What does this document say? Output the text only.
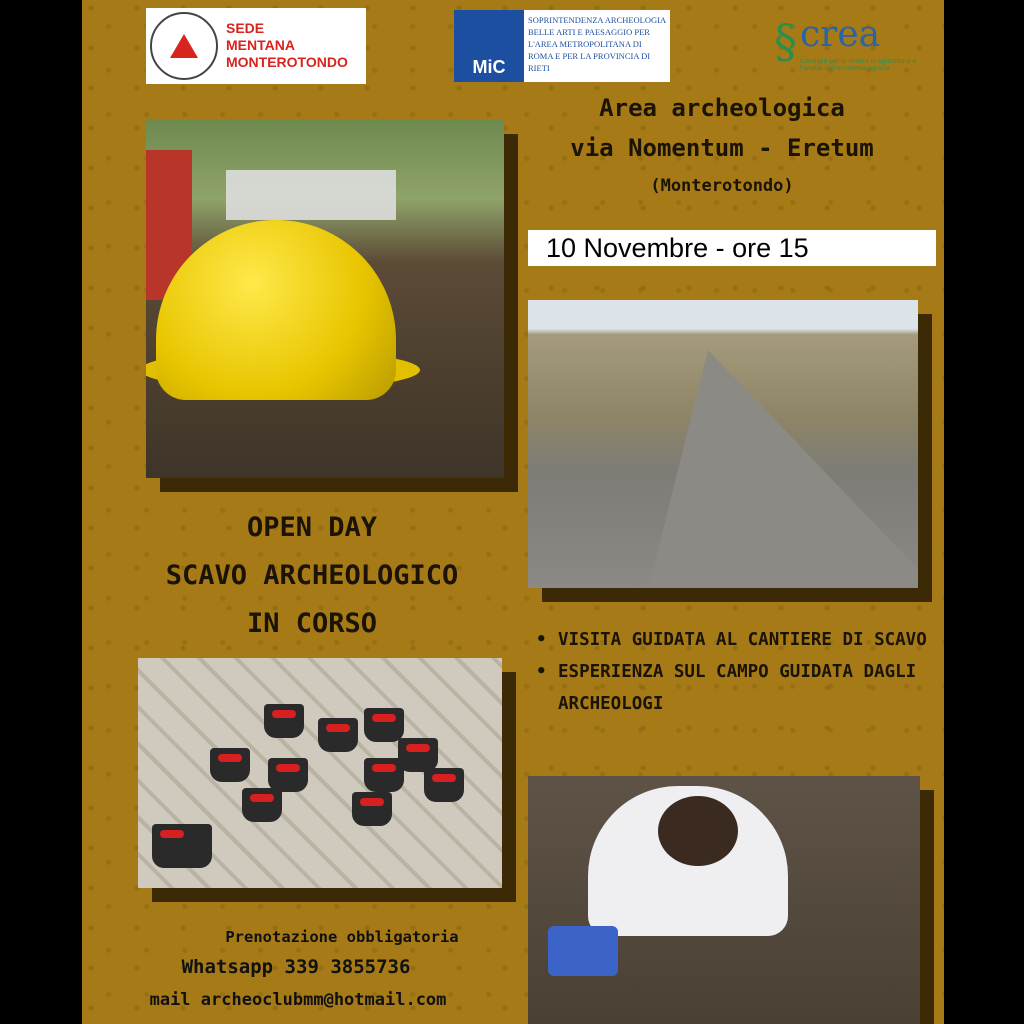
SEDE
MENTANA
MONTEROTONDO	MiC
SOPRINTENDENZA ARCHEOLOGIA BELLE ARTI E PAESAGGIO PER L'AREA METROPOLITANA DI ROMA E PER LA PROVINCIA DI RIETI	§ crea
Consiglio per la ricerca in agricoltura e l'analisi dell'economia agraria
Area archeologica
via Nomentum - Eretum
(Monterotondo)
10 Novembre - ore 15
OPEN DAY
SCAVO ARCHEOLOGICO
IN CORSO
• VISITA GUIDATA AL CANTIERE DI SCAVO
• ESPERIENZA SUL CAMPO GUIDATA DAGLI ARCHEOLOGI
Prenotazione obbligatoria
Whatsapp 339 3855736
mail archeoclubmm@hotmail.com
